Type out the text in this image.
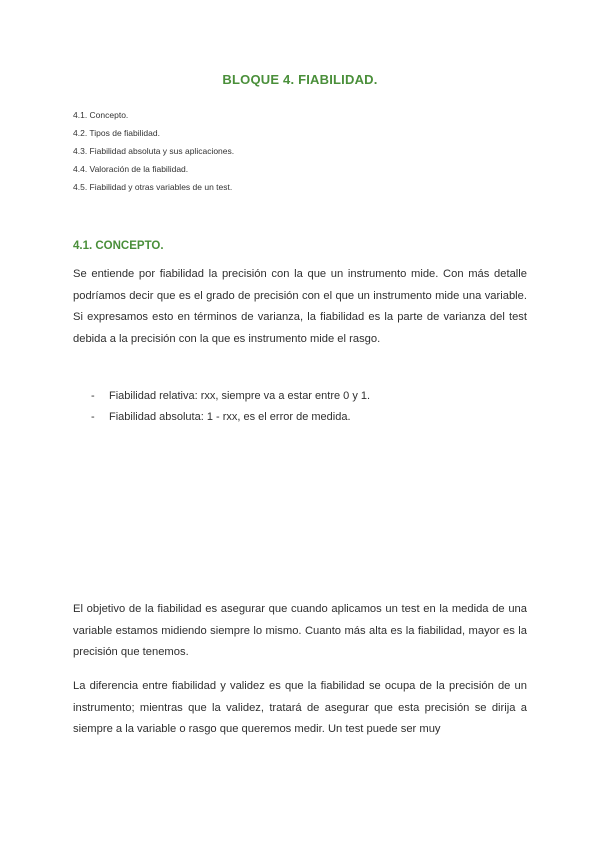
BLOQUE 4. FIABILIDAD.
4.1. Concepto.
4.2. Tipos de fiabilidad.
4.3. Fiabilidad absoluta y sus aplicaciones.
4.4. Valoración de la fiabilidad.
4.5. Fiabilidad y otras variables de un test.
4.1. CONCEPTO.

Se entiende por fiabilidad la precisión con la que un instrumento mide. Con más detalle podríamos decir que es el grado de precisión con el que un instrumento mide una variable. Si expresamos esto en términos de varianza, la fiabilidad es la parte de varianza del test debida a la precisión con la que es instrumento mide el rasgo.

- Fiabilidad relativa: rxx, siempre va a estar entre 0 y 1.
- Fiabilidad absoluta: 1 - rxx, es el error de medida.

El objetivo de la fiabilidad es asegurar que cuando aplicamos un test en la medida de una variable estamos midiendo siempre lo mismo. Cuanto más alta es la fiabilidad, mayor es la precisión que tenemos.

La diferencia entre fiabilidad y validez es que la fiabilidad se ocupa de la precisión de un instrumento; mientras que la validez, tratará de asegurar que esta precisión se dirija a siempre a la variable o rasgo que queremos medir. Un test puede ser muy
